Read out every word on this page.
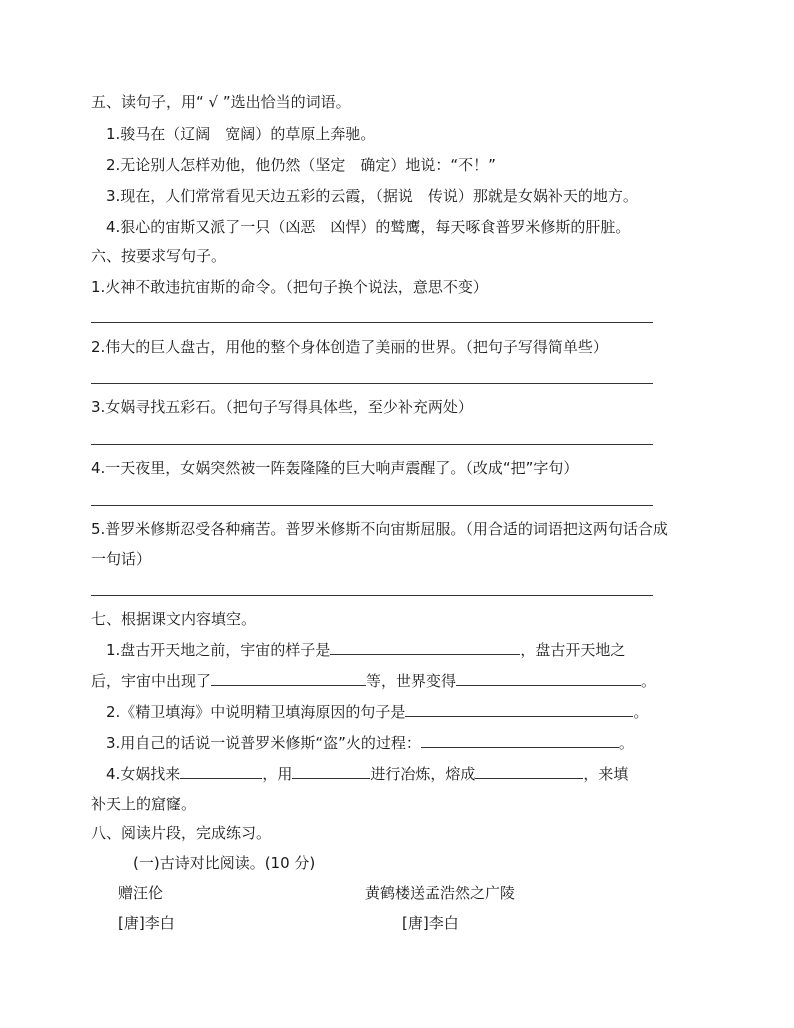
五、读句子，用“ √ ”选出恰当的词语。
1.骏马在（辽阔　宽阔）的草原上奔驰。
2.无论别人怎样劝他，他仍然（坚定　确定）地说：“不！”
3.现在，人们常常看见天边五彩的云霞，（据说　传说）那就是女娲补天的地方。
4.狠心的宙斯又派了一只（凶恶　凶悍）的鹫鹰，每天啄食普罗米修斯的肝脏。
六、按要求写句子。
1.火神不敢违抗宙斯的命令。（把句子换个说法，意思不变）
2.伟大的巨人盘古，用他的整个身体创造了美丽的世界。（把句子写得简单些）
3.女娲寻找五彩石。（把句子写得具体些，至少补充两处）
4.一天夜里，女娲突然被一阵轰隆隆的巨大响声震醒了。（改成“把”字句）
5.普罗米修斯忍受各种痛苦。普罗米修斯不向宙斯屈服。（用合适的词语把这两句话合成
一句话）
七、根据课文内容填空。
1.盘古开天地之前，宇宙的样子是	，盘古开天地之
后，宇宙中出现了	等，世界变得	。
2.《精卫填海》中说明精卫填海原因的句子是	。
3.用自己的话说一说普罗米修斯“盗”火的过程：	。
4.女娲找来	，用	进行冶炼，熔成	，来填
补天上的窟窿。
八、阅读片段，完成练习。
(一)古诗对比阅读。(10 分)
赠汪伦	黄鹤楼送孟浩然之广陵
[唐]李白	[唐]李白
